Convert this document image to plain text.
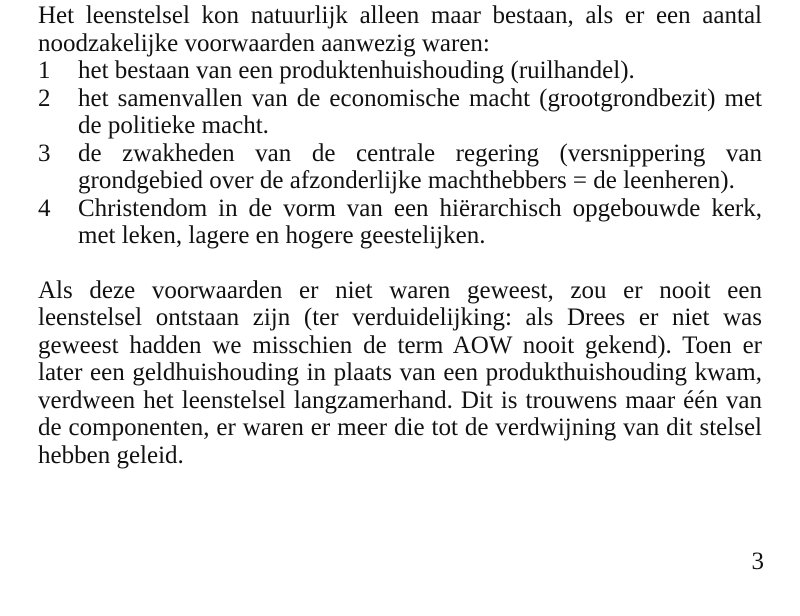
Het leenstelsel kon natuurlijk alleen maar bestaan, als er een aantal noodzakelijke voorwaarden aanwezig waren:

1	het bestaan van een produktenhuishouding (ruilhandel).
2	het samenvallen van de economische macht (grootgrondbezit) met de politieke macht.
3	de zwakheden van de centrale regering (versnippering van grondgebied over de afzonderlijke machthebbers = de leenheren).
4	Christendom in de vorm van een hiërarchisch opgebouwde kerk, met leken, lagere en hogere geestelijken.

Als deze voorwaarden er niet waren geweest, zou er nooit een leenstelsel ontstaan zijn (ter verduidelijking: als Drees er niet was geweest hadden we misschien de term AOW nooit gekend). Toen er later een geldhuishouding in plaats van een produkthuishouding kwam, verdween het leenstelsel langzamerhand. Dit is trouwens maar één van de componenten, er waren er meer die tot de verdwijning van dit stelsel hebben geleid.

3
